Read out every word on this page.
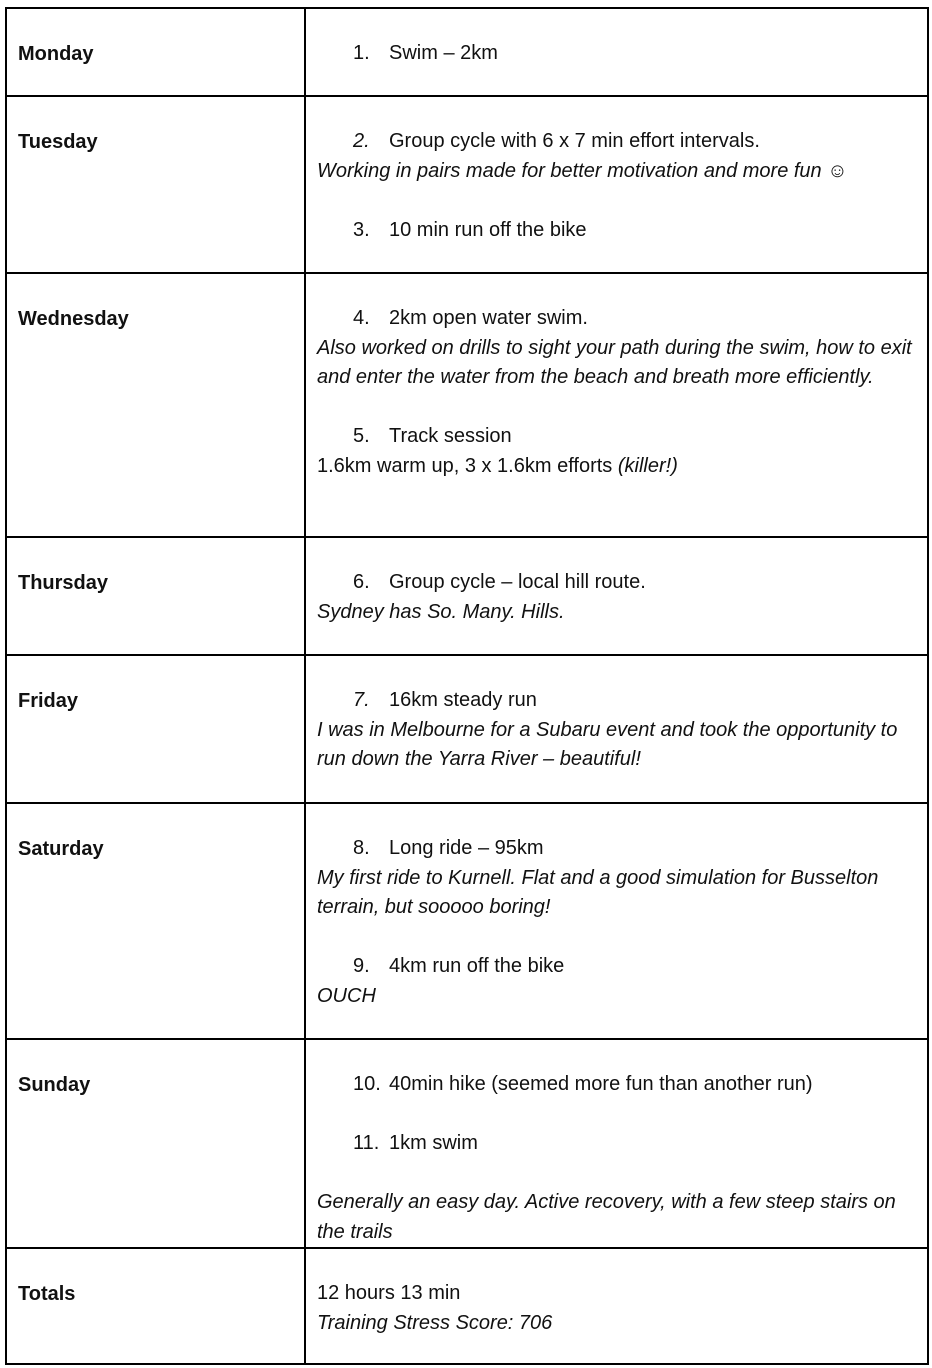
Monday	1. Swim – 2km

Tuesday	2. Group cycle with 6 x 7 min effort intervals.
Working in pairs made for better motivation and more fun ☺
3. 10 min run off the bike

Wednesday	4. 2km open water swim.
Also worked on drills to sight your path during the swim, how to exit and enter the water from the beach and breath more efficiently.
5. Track session
1.6km warm up, 3 x 1.6km efforts (killer!)

Thursday	6. Group cycle – local hill route.
Sydney has So. Many. Hills.

Friday	7. 16km steady run
I was in Melbourne for a Subaru event and took the opportunity to run down the Yarra River – beautiful!

Saturday	8. Long ride – 95km
My first ride to Kurnell. Flat and a good simulation for Busselton terrain, but sooooo boring!
9. 4km run off the bike
OUCH

Sunday	10. 40min hike (seemed more fun than another run)
11. 1km swim
Generally an easy day. Active recovery, with a few steep stairs on the trails

Totals	12 hours 13 min
Training Stress Score: 706
